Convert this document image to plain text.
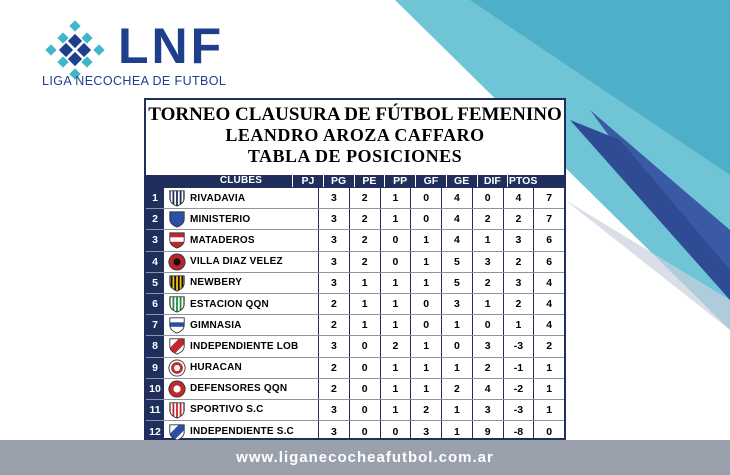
LNF
LIGA NECOCHEA DE FUTBOL
TORNEO CLAUSURA DE FÚTBOL FEMENINO
LEANDRO AROZA CAFFARO
TABLA DE POSICIONES
CLUBES	PJ	PG	PE	PP	GF	GE	DIF PTOS
1	RIVADAVIA	3	2	1	0	4	0	4	7
2	MINISTERIO	3	2	1	0	4	2	2	7
3	MATADEROS	3	2	0	1	4	1	3	6
4	VILLA DIAZ VELEZ	3	2	0	1	5	3	2	6
5	NEWBERY	3	1	1	1	5	2	3	4
6	ESTACION QQN	2	1	1	0	3	1	2	4
7	GIMNASIA	2	1	1	0	1	0	1	4
8	INDEPENDIENTE LOB	3	0	2	1	0	3	-3	2
9	HURACAN	2	0	1	1	1	2	-1	1
10	DEFENSORES QQN	2	0	1	1	2	4	-2	1
11	SPORTIVO S.C	3	0	1	2	1	3	-3	1
12	INDEPENDIENTE S.C	3	0	0	3	1	9	-8	0
www.liganecocheafutbol.com.ar
